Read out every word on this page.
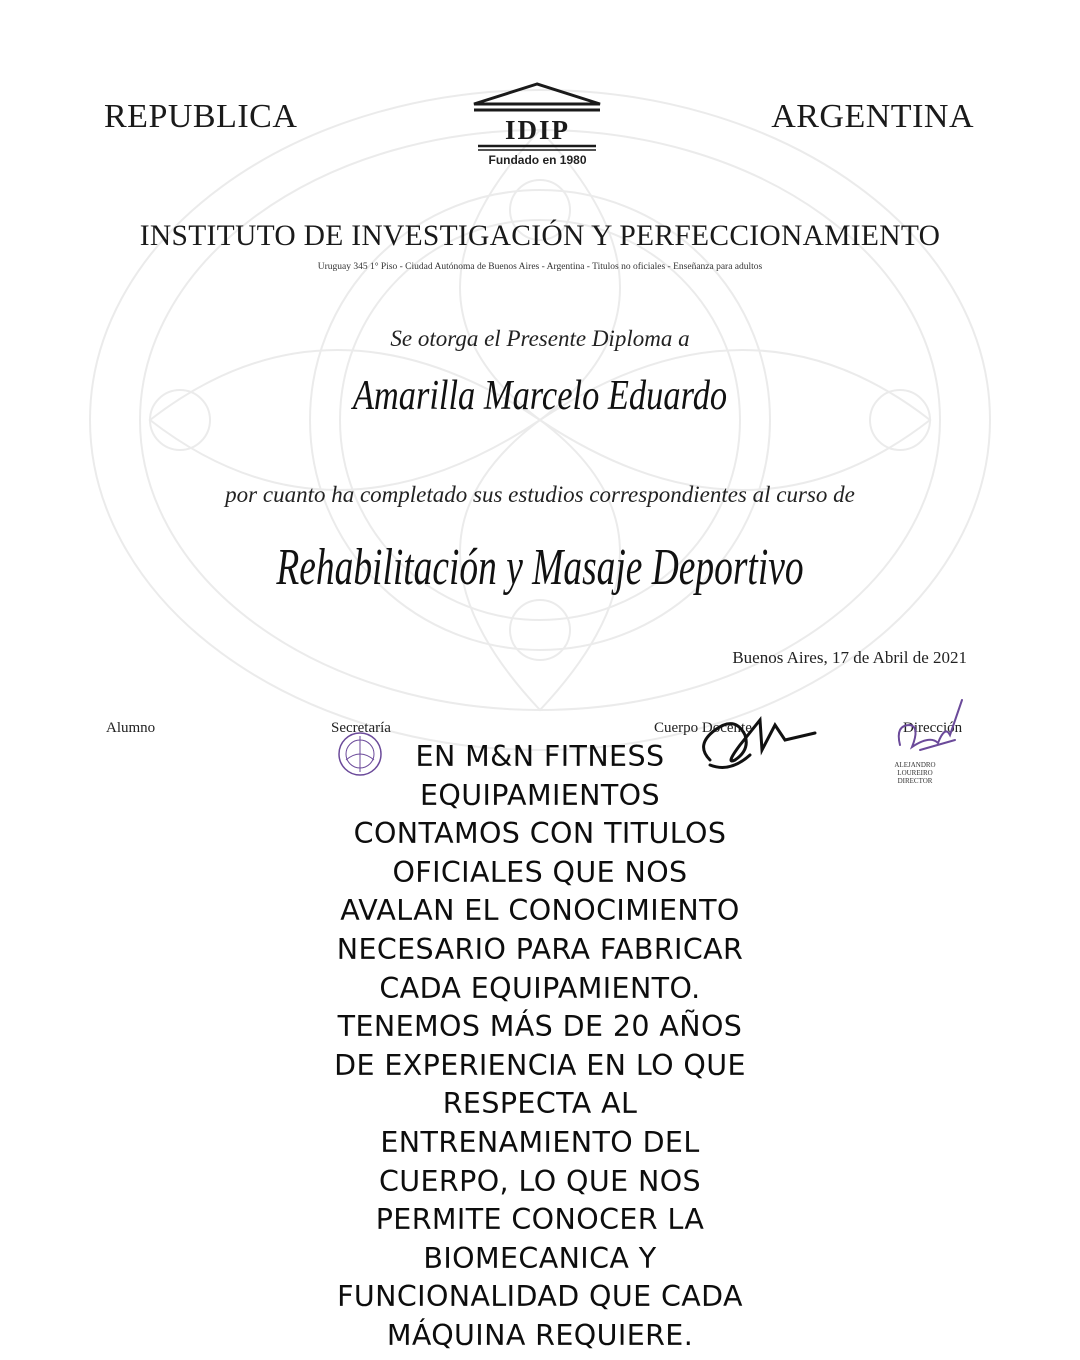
REPUBLICA	ARGENTINA
IDIP
Fundado en 1980
INSTITUTO DE INVESTIGACIÓN Y PERFECCIONAMIENTO
Uruguay 345 1° Piso - Ciudad Autónoma de Buenos Aires - Argentina - Titulos no oficiales - Enseñanza para adultos
Se otorga el Presente Diploma a
Amarilla Marcelo Eduardo
por cuanto ha completado sus estudios correspondientes al curso de
Rehabilitación y Masaje Deportivo
Buenos Aires, 17 de Abril de 2021
Alumno	Secretaría	Cuerpo Docente	Dirección
ALEJANDRO LOUREIRO
DIRECTOR
EN M&N FITNESS
EQUIPAMIENTOS
CONTAMOS CON TITULOS
OFICIALES QUE NOS
AVALAN EL CONOCIMIENTO
NECESARIO PARA FABRICAR
CADA EQUIPAMIENTO.
TENEMOS MÁS DE 20 AÑOS
DE EXPERIENCIA EN LO QUE
RESPECTA AL
ENTRENAMIENTO DEL
CUERPO, LO QUE NOS
PERMITE CONOCER LA
BIOMECANICA Y
FUNCIONALIDAD QUE CADA
MÁQUINA REQUIERE.
